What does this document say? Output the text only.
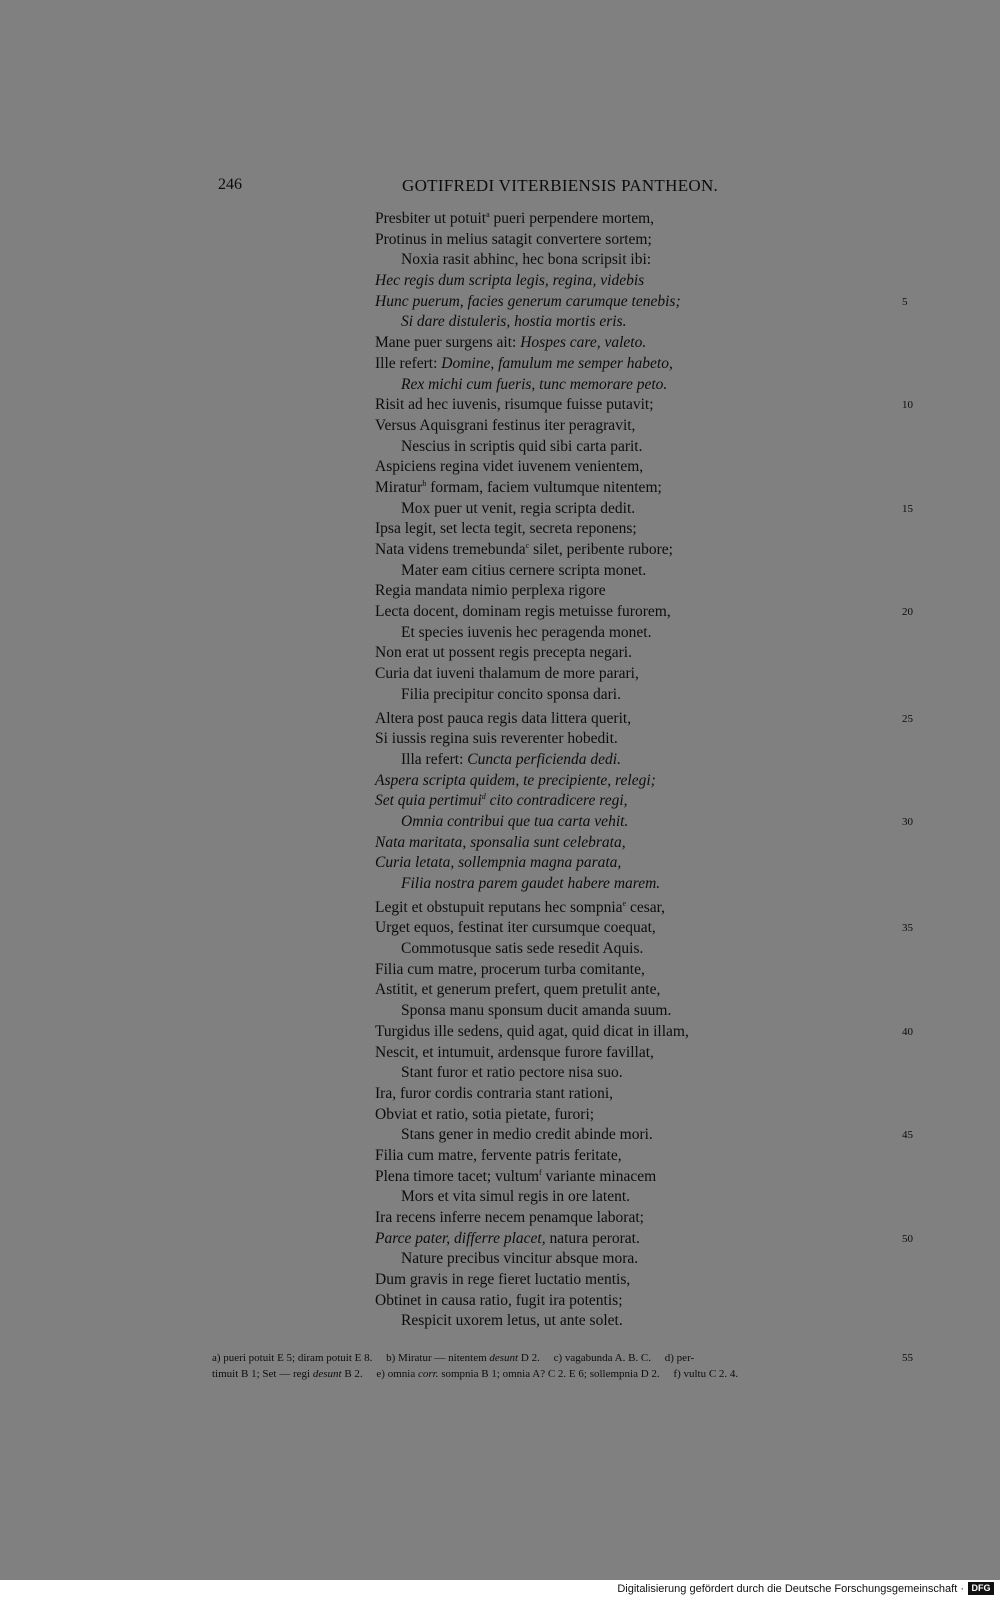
246	GOTIFREDI VITERBIENSIS PANTHEON.
Presbiter ut potuit$^a$ pueri perpendere mortem,
Protinus in melius satagit convertere sortem;
Noxia rasit abhinc, hec bona scripsit ibi:
Hec regis dum scripta legis, regina, videbis
Hunc puerum, facies generum carumque tenebis;	5
Si dare distuleris, hostia mortis eris.
Mane puer surgens ait: Hospes care, valeto.
Ille refert: Domine, famulum me semper habeto,
Rex michi cum fueris, tunc memorare peto.
Risit ad hec iuvenis, risumque fuisse putavit;	10
Versus Aquisgrani festinus iter peragravit,
Nescius in scriptis quid sibi carta parit.
Aspiciens regina videt iuvenem venientem,
Miratur$^b$ formam, faciem vultumque nitentem;
Mox puer ut venit, regia scripta dedit.	15
Ipsa legit, set lecta tegit, secreta reponens;
Nata videns tremebunda$^c$ silet, peribente rubore;
Mater eam citius cernere scripta monet.
Regia mandata nimio perplexa rigore
Lecta docent, dominam regis metuisse furorem,	20
Et species iuvenis hec peragenda monet.
Non erat ut possent regis precepta negari.
Curia dat iuveni thalamum de more parari,
Filia precipitur concito sponsa dari.
Altera post pauca regis data littera querit,	25
Si iussis regina suis reverenter hobedit.
Illa refert: Cuncta perficienda dedi.
Aspera scripta quidem, te precipiente, relegi;
Set quia pertimui$^d$ cito contradicere regi,
Omnia contribui que tua carta vehit.	30
Nata maritata, sponsalia sunt celebrata,
Curia letata, sollempnia magna parata,
Filia nostra parem gaudet habere marem.
Legit et obstupuit reputans hec sompnia$^e$ cesar,
Urget equos, festinat iter cursumque coequat,	35
Commotusque satis sede resedit Aquis.
Filia cum matre, procerum turba comitante,
Astitit, et generum prefert, quem pretulit ante,
Sponsa manu sponsum ducit amanda suum.
Turgidus ille sedens, quid agat, quid dicat in illam,	40
Nescit, et intumuit, ardensque furore favillat,
Stant furor et ratio pectore nisa suo.
Ira, furor cordis contraria stant rationi,
Obviat et ratio, sotia pietate, furori;
Stans gener in medio credit abinde mori.	45
Filia cum matre, fervente patris feritate,
Plena timore tacet; vultum$^f$ variante minacem
Mors et vita simul regis in ore latent.
Ira recens inferre necem penamque laborat;
Parce pater, differre placet, natura perorat.	50
Nature precibus vincitur absque mora.
Dum gravis in rege fieret luctatio mentis,
Obtinet in causa ratio, fugit ira potentis;
Respicit uxorem letus, ut ante solet.
a) pueri potuit E 5; diram potuit E 8.     b) Miratur — nitentem desunt D 2.     c) vagabunda A. B. C.     d) per-	55
timuit B 1; Set — regi desunt B 2.     e) omnia corr. sompnia B 1; omnia A? C 2. E 6; sollempnia D 2.     f) vultu C 2. 4.
Digitalisierung gefördert durch die Deutsche Forschungsgemeinschaft · DFG
